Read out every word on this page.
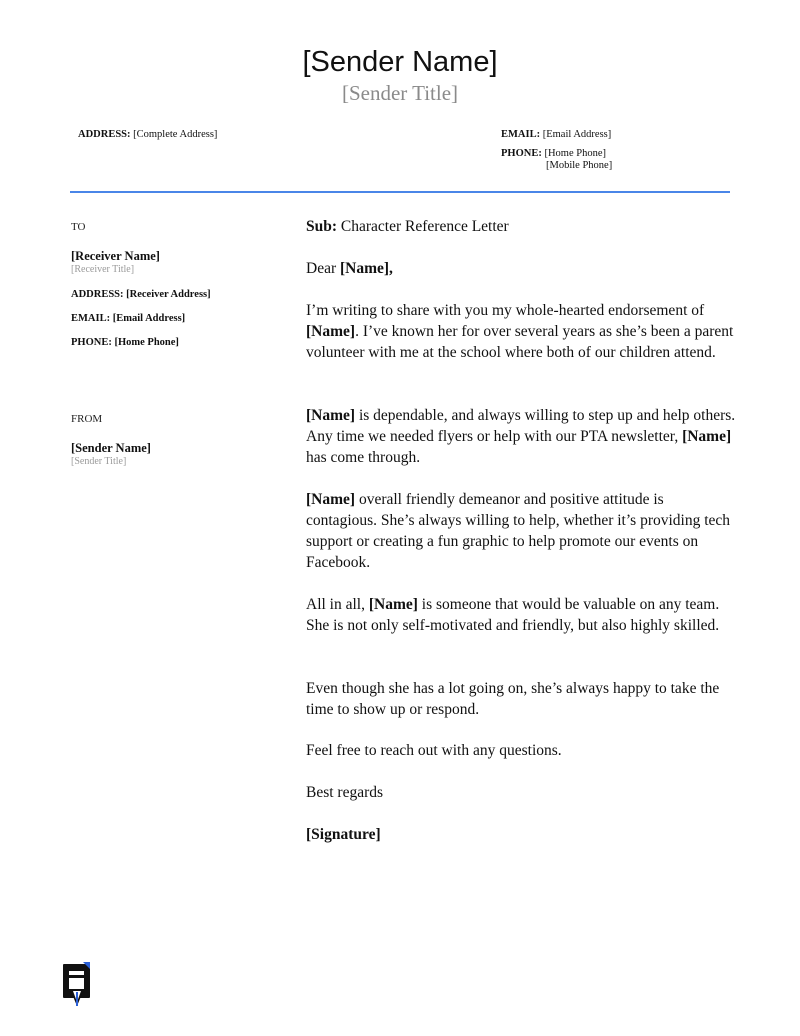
[Sender Name]
[Sender Title]
ADDRESS: [Complete Address]	EMAIL: [Email Address]
PHONE: [Home Phone]
[Mobile Phone]
TO
[Receiver Name]
[Receiver Title]
ADDRESS: [Receiver Address]
EMAIL: [Email Address]
PHONE: [Home Phone]
FROM
[Sender Name]
[Sender Title]
Sub: Character Reference Letter
Dear [Name],

I’m writing to share with you my whole-hearted endorsement of [Name]. I’ve known her for over several years as she’s been a parent volunteer with me at the school where both of our children attend.

[Name] is dependable, and always willing to step up and help others. Any time we needed flyers or help with our PTA newsletter, [Name] has come through.

[Name] overall friendly demeanor and positive attitude is contagious. She’s always willing to help, whether it’s providing tech support or creating a fun graphic to help promote our events on Facebook.

All in all, [Name] is someone that would be valuable on any team. She is not only self-motivated and friendly, but also highly skilled.

Even though she has a lot going on, she’s always happy to take the time to show up or respond.

Feel free to reach out with any questions.

Best regards
[Signature]
